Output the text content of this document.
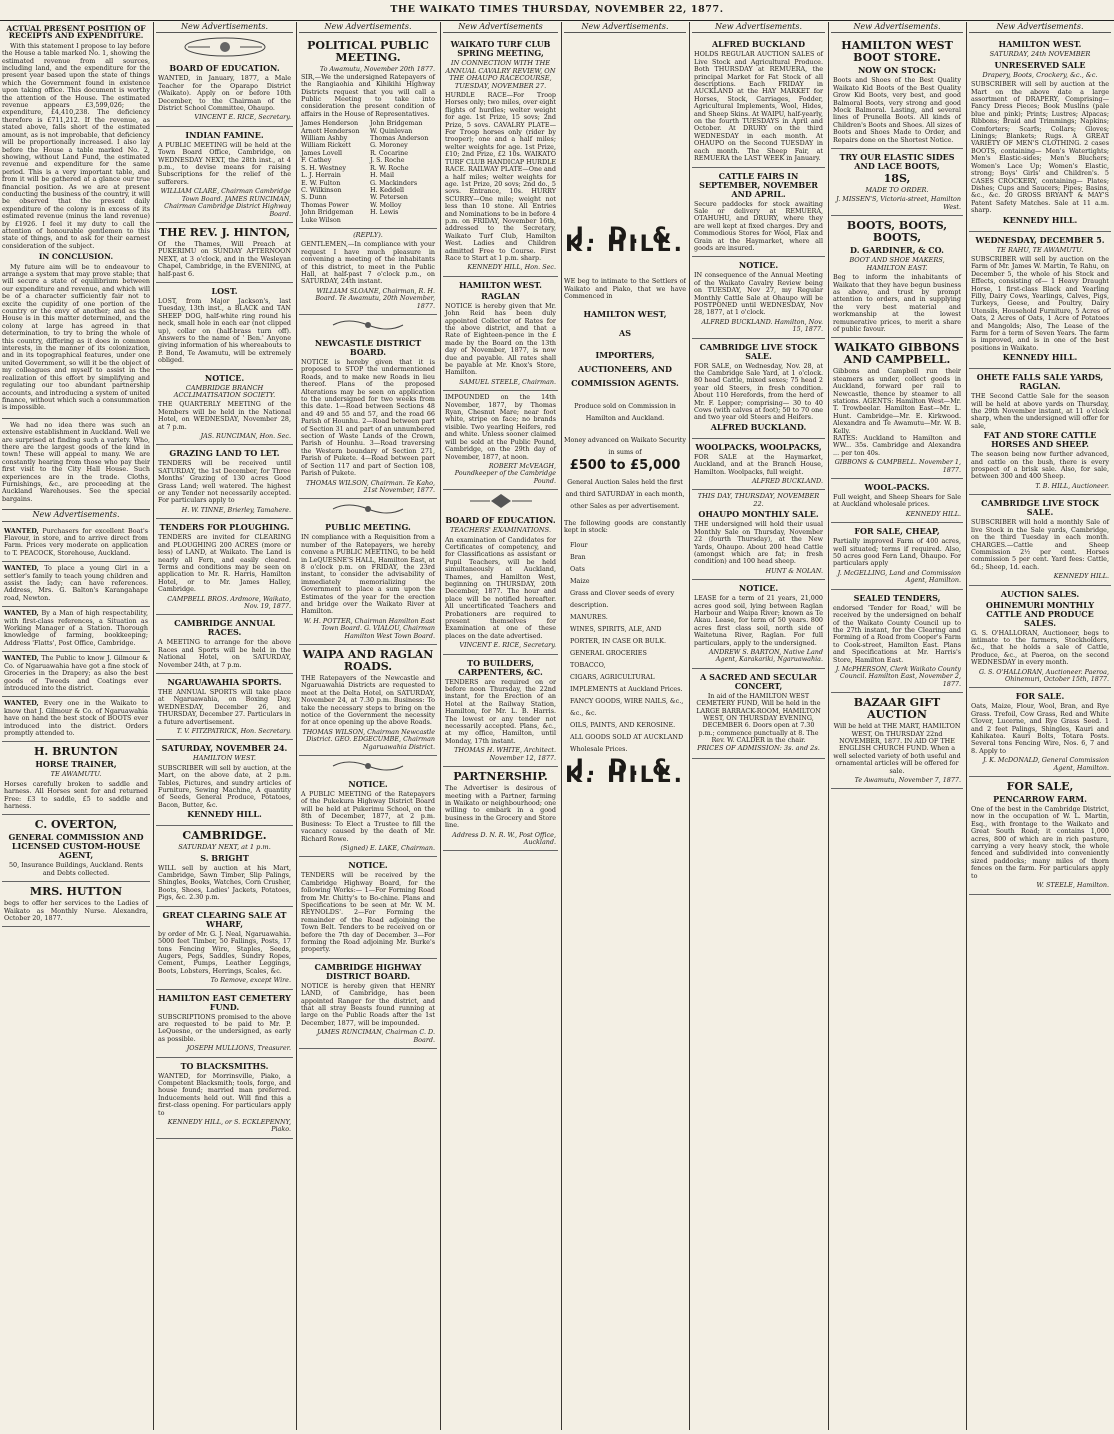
THE WAIKATO TIMES THURSDAY, NOVEMBER 22, 1877.
ACTUAL PRESENT POSITION OF RECEIPTS AND EXPENDITURE.
With this statement I propose to lay before the House a table marked No. 1, showing the estimated revenue from all sources, including land, and the expenditure for the present year based upon the state of things which the Government found in existence upon taking office. This document is worthy the attention of the House. The estimated revenue appears £3,599,026; the expenditure, £4,410,238. The deficiency therefore is £711,212. If the revenue, as stated above, falls short of the estimated amount, as is not improbable, that deficiency will be proportionally increased. I also lay before the House a table marked No. 2, showing, without Land Fund, the estimated revenue and expenditure for the same period. This is a very important table, and from it will be gathered at a glance our true financial position. As we are at present conducting the business of the country, it will be observed that the present daily expenditure of the colony is in excess of its estimated revenue (minus the land revenue) by £1926. I feel it my duty to call the attention of honourable gentlemen to this state of things, and to ask for their earnest consideration of the subject.
IN CONCLUSION.
My future aim will be to endeavour to arrange a system that may prove stable; that will secure a state of equilibrium between our expenditure and revenue, and which will be of a character sufficiently fair not to excite the cupidity of one portion of the country or the envy of another; and as the House is in this matter determined, and the colony at large has agreed in that determination, to try to bring the whole of this country, differing as it does in common interests, in the manner of its colonization, and in its topographical features, under one united Government, so will it be the object of my colleagues and myself to assist in the realization of this effort by simplifying and regulating our too abundant partnership accounts, and introducing a system of united finance, without which such a consummation is impossible.
We had no idea there was such an extensive establishment in Auckland. Well we are surprised at finding such a variety. Who, there are the largest goods of the kind in town! These will appeal to many. We are constantly hearing from those who pay their first visit to the City Hall House. Such experiences are in the trade. Cloths, Furnishings, &c., are proceeding at the Auckland Warehouses. See the special bargains.
New Advertisements.
WANTED, Purchasers for excellent Boat's Flavour, in store, and to arrive direct from Farm. Prices very moderate on application to T. PEACOCK, Storehouse, Auckland.
WANTED, To place a young Girl in a settler's family to teach young children and assist the lady; can have references. Address, Mrs. G. Balton's Karangahape road, Newton.
WANTED, By a Man of high respectability, with first-class references, a Situation as Working Manager of a Station. Thorough knowledge of farming, bookkeeping; Address 'Flatts', Post Office, Cambridge.
WANTED, The Public to know J. Gilmour & Co. of Ngaruawahia have got a fine stock of Groceries in the Drapery; as also the best goods of Tweeds and Coatings ever introduced into the district.
WANTED, Every one in the Waikato to know that J. Gilmour & Co. of Ngaruawahia have on hand the best stock of BOOTS ever introduced into the district. Orders promptly attended to.
H. BRUNTON
HORSE TRAINER,
TE AWAMUTU.
Horses carefully broken to saddle and harness. All Horses sent for and returned Free: £3 to saddle, £5 to saddle and harness.
C. OVERTON,
GENERAL COMMISSION AND LICENSED CUSTOM-HOUSE AGENT,
50, Insurance Buildings, Auckland. Rents and Debts collected.
MRS. HUTTON
begs to offer her services to the Ladies of Waikato as Monthly Nurse. Alexandra, October 20, 1877.
New Advertisements.
BOARD OF EDUCATION.
WANTED, in January, 1877, a Male Teacher for the Oparapo District (Waikato). Apply on or before 10th December, to the Chairman of the District School Committee, Ohaupo.
VINCENT E. RICE, Secretary.
INDIAN FAMINE.
A PUBLIC MEETING will be held at the Town Board Office, Cambridge, on WEDNESDAY NEXT, the 28th inst., at 4 p.m., to devise means for raising Subscriptions for the relief of the sufferers.
WILLIAM CLARE, Chairman Cambridge Town Board. JAMES RUNCIMAN, Chairman Cambridge District Highway Board.
THE REV. J. HINTON,
Of the Thames, Will Preach at PUKERIMU on SUNDAY AFTERNOON NEXT, at 3 o'clock, and in the Wesleyan Chapel, Cambridge, in the EVENING, at half-past 6.
LOST.
LOST, from Major Jackson's, last Tuesday, 13th inst., a BLACK and TAN SHEEP DOG, half-white ring round his neck, small hole in each ear (not clipped up), collar on (half-brass turn off). Answers to the name of ' Ben.' Anyone giving information of his whereabouts to P. Bond, Te Awamutu, will be extremely obliged.
NOTICE.
CAMBRIDGE BRANCH ACCLIMATISATION SOCIETY.
THE QUARTERLY MEETING of the Members will be held in the National Hotel, on WEDNESDAY, November 28, at 7 p.m.
JAS. RUNCIMAN, Hon. Sec.
GRAZING LAND TO LET.
TENDERS will be received until SATURDAY, the 1st December, for Three Months' Grazing of 130 acres Good Grass Land; well watered. The highest or any Tender not necessarily accepted. For particulars apply to
H. W. TINNE, Brierley, Tamahere.
TENDERS FOR PLOUGHING.
TENDERS are invited for CLEARING and PLOUGHING 200 ACRES (more or less) of LAND, at Waikato. The Land is nearly all Fern, and easily cleared. Terms and conditions may be seen on application to Mr. R. Harris, Hamilton Hotel, or to Mr. James Halley, Cambridge.
CAMPBELL BROS. Ardmore, Waikato, Nov. 19, 1877.
CAMBRIDGE ANNUAL RACES.
A MEETING to arrange for the above Races and Sports will be held in the National Hotel, on SATURDAY, November 24th, at 7 p.m.
NGARUAWAHIA SPORTS.
THE ANNUAL SPORTS will take place at Ngaruawahia, on Boxing Day, WEDNESDAY, December 26, and THURSDAY, December 27. Particulars in a future advertisement.
T. V. FITZPATRICK, Hon. Secretary.
SATURDAY, NOVEMBER 24.
HAMILTON WEST.
SUBSCRIBER will sell by auction, at the Mart, on the above date, at 2 p.m. Tables, Pictures, and sundry articles of Furniture, Sewing Machine, A quantity of Seeds, General Produce, Potatoes, Bacon, Butter, &c.
KENNEDY HILL.
CAMBRIDGE.
SATURDAY NEXT, at 1 p.m.
S. BRIGHT
WILL sell by auction at his Mart, Cambridge, Sawn Timber, Slip Palings, Shingles, Books, Watches, Corn Crusher, Boots, Shoes, Ladies' Jackets, Potatoes, Pigs, &c. 2.30 p.m.
GREAT CLEARING SALE AT WHARF,
by order of Mr. G. J. Neal, Ngaruawahia. 5000 feet Timber, 50 Fallings, Posts, 17 tons Fencing Wire, Staples, Seeds, Augers, Pegs, Saddles, Sundry Ropes, Cement, Pumps, Leather Leggings, Boots, Lobsters, Herrings, Scales, &c.
To Remove, except Wire.
HAMILTON EAST CEMETERY FUND.
SUBSCRIPTIONS promised to the above are requested to be paid to Mr. P. LeQuesne, or the undersigned, as early as possible.
JOSEPH MULLIONS, Treasurer.
TO BLACKSMITHS.
WANTED, for Morrinsville, Piako, a Competent Blacksmith; tools, forge, and house found; married man preferred. Inducements held out. Will find this a first-class opening. For particulars apply to
KENNEDY HILL, or S. ECKLEPENNY, Piako.
New Advertisements.
POLITICAL PUBLIC MEETING.
To Awamutu, November 20th 1877.
SIR,—We the undersigned Ratepayers of the Rangiaohia and Kihikihi Highway Districts request that you will call a Public Meeting to take into consideration the present condition of affairs in the House of Representatives.
James Henderson
Arnott Henderson
William Ashby
William Rickett
James Lovell
F. Cathey
S. H. Westney
L. J. Herrain
E. W. Fulton
C. Wilkinson
S. Dunn
Thomas Power
John Bridgeman
Luke Wilson
John Bridgeman
W. Quinlevan
Thomas Anderson
G. Moroney
R. Cocarine
J. S. Roche
R. W. Roche
H. Mail
G. Mackinders
H. Keddell
W. Petersen
W. Molloy
H. Lewis
(REPLY).
GENTLEMEN,—In compliance with your request I have much pleasure in convening a meeting of the inhabitants of this district, to meet in the Public Hall, at half-past 7 o'clock p.m., on SATURDAY, 24th instant.
WILLIAM SLOANE, Chairman, R. H. Board. Te Awamutu, 20th November, 1877.
NEWCASTLE DISTRICT BOARD.
NOTICE is hereby given that it is proposed to STOP the undermentioned Roads, and to make new Roads in lieu thereof. Plans of the proposed Alterations may be seen on application to the undersigned for two weeks from this date. 1—Road between Sections 48 and 49 and 55 and 57, and the road 66 Parish of Hounhu. 2—Road between part of Section 31 and part of an unnumbered section of Waste Lands of the Crown, Parish of Hounhu. 3—Road traversing the Western boundary of Section 271, Parish of Pukete. 4—Road between part of Section 117 and part of Section 108, Parish of Pukete.
THOMAS WILSON, Chairman. Te Kaho, 21st November, 1877.
PUBLIC MEETING.
IN compliance with a Requisition from a number of the Ratepayers, we hereby convene a PUBLIC MEETING, to be held in LeQUESNE'S HALL, Hamilton East, at 8 o'clock p.m. on FRIDAY, the 23rd instant, to consider the advisability of immediately memorializing the Government to place a sum upon the Estimates of the year for the erection and bridge over the Waikato River at Hamilton.
W. H. POTTER, Chairman Hamilton East Town Board. G. VIALOU, Chairman Hamilton West Town Board.
WAIPA AND RAGLAN ROADS.
THE Ratepayers of the Newcastle and Ngaruawahia Districts are requested to meet at the Delta Hotel, on SATURDAY, November 24, at 7.30 p.m. Business: To take the necessary steps to bring on the notice of the Government the necessity for at once opening up the above Roads.
THOMAS WILSON, Chairman Newcastle District. GEO. EDGECUMBE, Chairman Ngaruawahia District.
NOTICE.
A PUBLIC MEETING of the Ratepayers of the Pukekura Highway District Board will be held at Pukerimu School, on the 8th of December, 1877, at 2 p.m. Business: To Elect a Trustee to fill the vacancy caused by the death of Mr. Richard Rowe.
(Signed) E. LAKE, Chairman.
NOTICE.
TENDERS will be received by the Cambridge Highway Board, for the following Works:— 1—For Forming Road from Mr. Chitty's to Bo-chine. Plans and Specifications to be seen at Mr. W. M. REYNOLDS'. 2—For Forming the remainder of the Road adjoining the Town Belt. Tenders to be received on or before the 7th day of December. 3—For forming the Road adjoining Mr. Burke's property.
CAMBRIDGE HIGHWAY DISTRICT BOARD.
NOTICE is hereby given that HENRY LAND, of Cambridge, has been appointed Ranger for the district, and that all stray Beasts found running at large on the Public Roads after the 1st December, 1877, will be impounded.
JAMES RUNCIMAN, Chairman C. D. Board.
New Advertisements
WAIKATO TURF CLUB SPRING MEETING,
IN CONNECTION WITH THE ANNUAL CAVALRY REVIEW, ON THE OHAUPO RACECOURSE, TUESDAY, NOVEMBER 27.
HURDLE RACE—For Troop Horses only; two miles, over eight flights of hurdles; welter weight for age. 1st Prize, 15 sovs; 2nd Prize, 5 sovs. CAVALRY PLATE—For Troop horses only (rider by trooper); one and a half miles; welter weights for age. 1st Prize, £10; 2nd Prize, £2 10s. WAIKATO TURF CLUB HANDICAP HURDLE RACE. RAILWAY PLATE—One and a half miles; welter weights for age. 1st Prize, 20 sovs; 2nd do., 5 sovs. Entrance, 10s. HURRY SCURRY—One mile; weight not less than 10 stone. All Entries and Nominations to be in before 4 p.m. on FRIDAY, November 16th, addressed to the Secretary, Waikato Turf Club, Hamilton West. Ladies and Children admitted Free to Course. First Race to Start at 1 p.m. sharp.
KENNEDY HILL, Hon. Sec.
HAMILTON WEST.
RAGLAN
NOTICE is hereby given that Mr. John Reid has been duly appointed Collector of Rates for the above district, and that a Rate of Eighteen-pence in the £ made by the Board on the 13th day of November, 1877, is now due and payable. All rates shall be payable at Mr. Knox's Store, Hamilton.
SAMUEL STEELE, Chairman.
IMPOUNDED on the 14th November, 1877, by Thomas Ryan, Chesnut Mare; near foot white, stripe on face; no brands visible. Two yearling Heifers, red and white. Unless sooner claimed will be sold at the Public Pound, Cambridge, on the 29th day of November, 1877, at noon.
ROBERT McVEAGH, Poundkeeper of the Cambridge Pound.
BOARD OF EDUCATION.
TEACHERS' EXAMINATIONS.
An examination of Candidates for Certificates of competency, and for Classifications as assistant or Pupil Teachers, will be held simultaneously at Auckland, Thames, and Hamilton West, beginning on THURSDAY, 20th December, 1877. The hour and place will be notified hereafter. All uncertificated Teachers and Probationers are required to present themselves for Examination at one of these places on the date advertised.
VINCENT E. RICE, Secretary.
TO BUILDERS, CARPENTERS, &C.
TENDERS are required on or before noon Thursday, the 22nd instant, for the Erection of an Hotel at the Railway Station, Hamilton, for Mr. L. B. Harris. The lowest or any tender not necessarily accepted. Plans, &c., at my office, Hamilton, until Monday, 17th instant.
THOMAS H. WHITE, Architect. November 12, 1877.
PARTNERSHIP.
The Advertiser is desirous of meeting with a Partner, farming in Waikato or neighbourhood; one willing to embark in a good business in the Grocery and Store line.
Address D. N. R. W., Post Office, Auckland.
New Advertisements.
J. D. & K. HILL.
WE beg to intimate to the Settlers of Waikato and Piako, that we have Commenced in
HAMILTON WEST,
AS
IMPORTERS, AUCTIONEERS, AND COMMISSION AGENTS.
Produce sold on Commission in Hamilton and Auckland.
Money advanced on Waikato Security in sums of
£500 to £5,000
General Auction Sales held the first and third SATURDAY in each month, other Sales as per advertisement.
The following goods are constantly kept in stock:
Flour
Bran
Oats
Maize
Grass and Clover seeds of every description.
MANURES.
WINES, SPIRITS, ALE, AND PORTER, IN CASE OR BULK.
GENERAL GROCERIES
TOBACCO,
CIGARS, AGRICULTURAL IMPLEMENTS at Auckland Prices.
FANCY GOODS, WIRE NAILS, &c., &c., &c.
OILS, PAINTS, AND KEROSINE.
ALL GOODS SOLD AT AUCKLAND Wholesale Prices.
J. D. & K. HILL.
New Advertisements.
ALFRED BUCKLAND
HOLDS REGULAR AUCTION SALES of Live Stock and Agricultural Produce. Both THURSDAY at REMUERA, the principal Market for Fat Stock of all descriptions. Each FRIDAY in AUCKLAND at the HAY MARKET for Horses, Stock, Carriages, Fodder, Agricultural Implements, Wool, Hides, and Sheep Skins. At WAIPU, half-yearly, on the fourth TUESDAYS in April and October. At DRURY on the third WEDNESDAY in each month. At OHAUPO on the Second TUESDAY in each month. The Sheep Fair, at REMUERA the LAST WEEK in January.
CATTLE FAIRS IN SEPTEMBER, NOVEMBER AND APRIL.
Secure paddocks for stock awaiting Sale or delivery at REMUERA, OTAHUHU, and DRURY, where they are well kept at fixed charges. Dry and Commodious Stores for Wool, Flax and Grain at the Haymarket, where all goods are insured.
NOTICE.
IN consequence of the Annual Meeting of the Waikato Cavalry Review being on TUESDAY, Nov 27, my Regular Monthly Cattle Sale at Ohaupo will be POSTPONED until WEDNESDAY, Nov 28, 1877, at 1 o'clock.
ALFRED BUCKLAND. Hamilton, Nov. 15, 1877.
CAMBRIDGE LIVE STOCK SALE.
FOR SALE, on Wednesday, Nov. 28, at the Cambridge Sale Yard, at 1 o'clock. 80 head Cattle, mixed sexes; 75 head 2 year old Steers, in fresh condition. About 110 Herefords, from the herd of Mr. F. Lepper; comprising— 30 to 40 Cows (with calves at foot); 50 to 70 one and two year old Steers and Heifers.
ALFRED BUCKLAND.
WOOLPACKS, WOOLPACKS,
FOR SALE at the Haymarket, Auckland, and at the Branch House, Hamilton. Woolpacks, full weight.
ALFRED BUCKLAND.
THIS DAY, THURSDAY, NOVEMBER 22.
OHAUPO MONTHLY SALE.
THE undersigned will hold their usual Monthly Sale on Thursday, November 22 (fourth Thursday), at the New Yards, Ohaupo. About 200 head Cattle (amongst which are fat; in fresh condition) and 100 head sheep.
HUNT & NOLAN.
NOTICE.
LEASE for a term of 21 years, 21,000 acres good soil, lying between Raglan Harbour and Waipa River; known as Te Akau. Lease, for term of 50 years. 800 acres first class soil, north side of Waitetuna River, Raglan. For full particulars, apply to the undersigned.
ANDREW S. BARTON, Native Land Agent, Karakariki, Ngaruawahia.
A SACRED AND SECULAR CONCERT,
In aid of the HAMILTON WEST CEMETERY FUND, Will be held in the LARGE BARRACK-ROOM, HAMILTON WEST, ON THURSDAY EVENING, DECEMBER 6. Doors open at 7.30 p.m.; commence punctually at 8. The Rev. W. CALDER in the chair.
PRICES OF ADMISSION: 3s. and 2s.
New Advertisements.
HAMILTON WEST BOOT STORE.
NOW ON STOCK:
Boots and Shoes of the Best Quality Waikato Kid Boots of the Best Quality Grow Kid Boots, very best, and good Balmoral Boots, very strong and good Mock Balmoral. Lasting, and several lines of Prunella Boots. All kinds of Children's Boots and Shoes. All sizes of Boots and Shoes Made to Order, and Repairs done on the Shortest Notice.
TRY OUR ELASTIC SIDES AND LACE BOOTS,
18S,
MADE TO ORDER.
J. MISSEN'S, Victoria-street, Hamilton West.
BOOTS, BOOTS, BOOTS,
D. GARDINER, & CO.
BOOT AND SHOE MAKERS, HAMILTON EAST.
Beg to inform the inhabitants of Waikato that they have begun business as above, and trust by prompt attention to orders, and in supplying the very best material and workmanship at the lowest remunerative prices, to merit a share of public favour.
WAIKATO GIBBONS AND CAMPBELL.
Gibbons and Campbell run their steamers as under, collect goods in Auckland, forward per rail to Newcastle, thence by steamer to all stations. AGENTS: Hamilton West—Mr. T. Trowbeelar. Hamilton East—Mr. L. Hunt. Cambridge—Mr. E. Kirkwood. Alexandra and Te Awamutu—Mr. W. B. Kelly.
RATES: Auckland to Hamilton and WW... 35s. Cambridge and Alexandra ... per ton 40s.
GIBBONS & CAMPBELL. November 1, 1877.
WOOL-PACKS.
Full weight, and Sheep Shears for Sale at Auckland wholesale prices.
KENNEDY HILL.
FOR SALE, CHEAP,
Partially improved Farm of 400 acres, well situated; terms if required. Also, 50 acres good Fern Land, Ohaupo. For particulars apply
J. McGELLING, Land and Commission Agent, Hamilton.
SEALED TENDERS,
endorsed 'Tender for Road,' will be received by the undersigned on behalf of the Waikato County Council up to the 27th instant, for the Clearing and Forming of a Road from Cooper's Farm to Cook-street, Hamilton East. Plans and Specifications at Mr. Harris's Store, Hamilton East.
J. McPHERSON, Clerk Waikato County Council. Hamilton East, November 2, 1877.
BAZAAR GIFT AUCTION
Will be held at THE MART, HAMILTON WEST, On THURSDAY 22nd NOVEMBER, 1877. IN AID OF THE ENGLISH CHURCH FUND. When a well selected variety of both useful and ornamental articles will be offered for sale.
Te Awamutu, November 7, 1877.
New Advertisements.
HAMILTON WEST.
SATURDAY, 24th NOVEMBER
UNRESERVED SALE
Drapery, Boots, Crockery, &c., &c.
SUBSCRIBER will sell by auction at the Mart on the above date a large assortment of DRAPERY, Comprising— Fancy Dress Pieces; Book Muslins (pale blue and pink); Prints; Lustres; Alpacas; Ribbons; Braid and Trimmings; Napkins; Comforters; Scarfs; Collars; Gloves; Linings; Blankets; Rugs. A GREAT VARIETY OF MEN'S CLOTHING. 2 cases BOOTS, containing— Men's Watertights; Men's Elastic-sides; Men's Bluchers; Women's Lace Up; Women's Elastic, strong; Boys' Girls' and Children's. 5 CASES CROCKERY, containing— Plates; Dishes; Cups and Saucers; Pipes; Basins, &c., &c. 20 GROSS BRYANT & MAY'S Patent Safety Matches. Sale at 11 a.m. sharp.
KENNEDY HILL.
WEDNESDAY, DECEMBER 5.
TE RAHU, TE AWAMUTU.
SUBSCRIBER will sell by auction on the Farm of Mr. James W. Martin, Te Rahu, on December 5, the whole of his Stock and Effects, consisting of— 1 Heavy Draught Horse, 1 first-class Black and Yearling Filly, Dairy Cows, Yearlings, Calves, Pigs, Turkeys, Geese, and Poultry, Dairy Utensils, Household Furniture, 5 Acres of Oats, 2 Acres of Oats, 1 Acre of Potatoes and Mangolds; Also, The Lease of the Farm for a term of Seven Years. The farm is improved, and is in one of the best positions in Waikato.
KENNEDY HILL.
OHETE FALLS SALE YARDS, RAGLAN.
THE Second Cattle Sale for the season will be held at above yards on Thursday, the 29th November instant, at 11 o'clock sharp, when the undersigned will offer for sale,
FAT AND STORE CATTLE HORSES AND SHEEP.
The season being now further advanced, and cattle on the bush, there is every prospect of a brisk sale. Also, for sale, between 300 and 400 Sheep.
T. B. HILL, Auctioneer.
CAMBRIDGE LIVE STOCK SALE.
SUBSCRIBER will hold a monthly Sale of live Stock in the Sale yards, Cambridge, on the third Tuesday in each month. CHARGES.—Cattle and Sheep Commission 2½ per cent. Horses commission 5 per cent. Yard fees: Cattle, 6d.; Sheep, 1d. each.
KENNEDY HILL.
AUCTION SALES.
OHINEMURI MONTHLY CATTLE AND PRODUCE SALES.
G. S. O'HALLORAN, Auctioneer, begs to intimate to the farmers, Stockholders, &c., that he holds a sale of Cattle, Produce, &c., at Paeroa, on the second WEDNESDAY in every month.
G. S. O'HALLORAN, Auctioneer. Paeroa, Ohinemuri, October 15th, 1877.
FOR SALE.
Oats, Maize, Flour, Wool, Bran, and Rye Grass. Trefoil, Cow Grass, Red and White Clover, Lucerne, and Rye Grass Seed. 1 and 2 feet Palings, Shingles, Kauri and Kahikatea. Kauri Bolts, Totara Posts. Several tons Fencing Wire, Nos. 6, 7 and 8. Apply to
J. K. McDONALD, General Commission Agent, Hamilton.
FOR SALE,
PENCARROW FARM.
One of the best in the Cambridge District, now in the occupation of W. L. Martin, Esq., with frontage to the Waikato and Great South Road; it contains 1,000 acres, 800 of which are in rich pasture, carrying a very heavy stock, the whole fenced and subdivided into conveniently sized paddocks; many miles of thorn fences on the farm. For particulars apply to
W. STEELE, Hamilton.
